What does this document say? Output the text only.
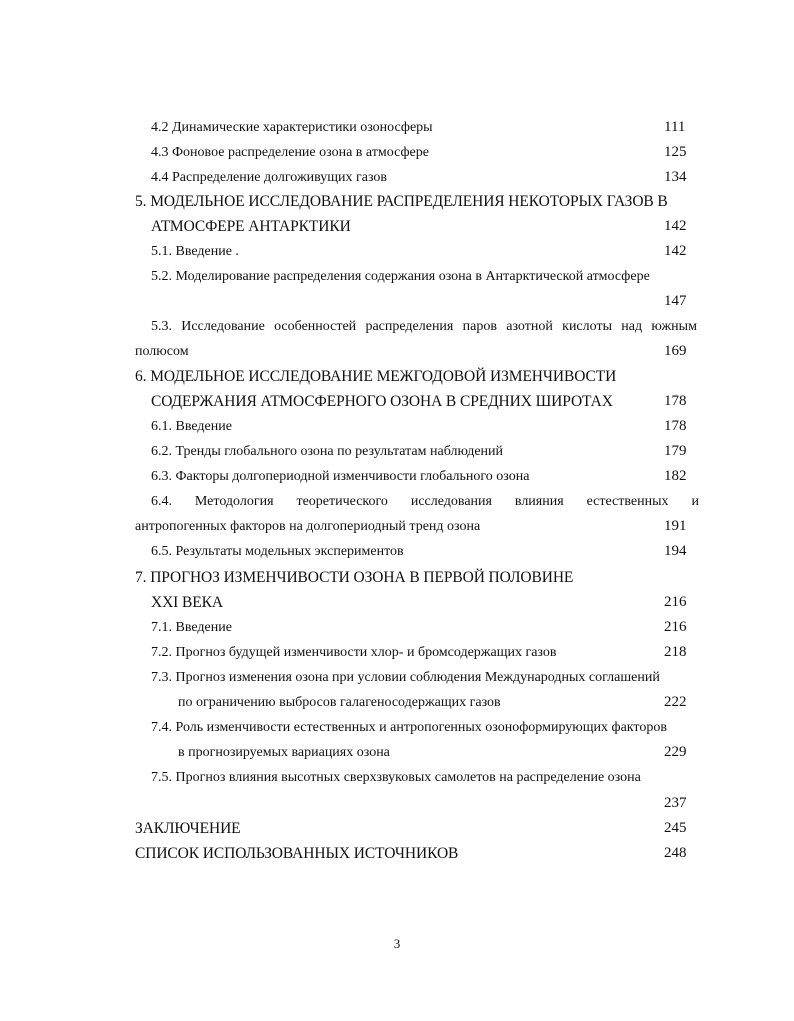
4.2 Динамические характеристики озоносферы	111
4.3 Фоновое распределение озона в атмосфере	125
4.4 Распределение долгоживущих газов	134
5. МОДЕЛЬНОЕ ИССЛЕДОВАНИЕ РАСПРЕДЕЛЕНИЯ НЕКОТОРЫХ ГАЗОВ В
АТМОСФЕРЕ АНТАРКТИКИ	142
5.1. Введение .	142
5.2. Моделирование распределения содержания озона в Антарктической атмосфере
147
5.3. Исследование особенностей распределения паров азотной кислоты над южным
полюсом	169
6. МОДЕЛЬНОЕ ИССЛЕДОВАНИЕ МЕЖГОДОВОЙ ИЗМЕНЧИВОСТИ
СОДЕРЖАНИЯ АТМОСФЕРНОГО ОЗОНА В СРЕДНИХ ШИРОТАХ	178
6.1. Введение	178
6.2. Тренды глобального озона по результатам наблюдений	179
6.3. Факторы долгопериодной изменчивости глобального озона	182
6.4. Методология теоретического исследования влияния естественных и
антропогенных факторов на долгопериодный тренд озона	191
6.5. Результаты модельных экспериментов	194
7. ПРОГНОЗ ИЗМЕНЧИВОСТИ ОЗОНА В ПЕРВОЙ ПОЛОВИНЕ
XXI ВЕКА	216
7.1. Введение	216
7.2. Прогноз будущей изменчивости хлор- и бромсодержащих газов	218
7.3. Прогноз изменения озона при условии соблюдения Международных соглашений
по ограничению выбросов галагеносодержащих газов	222
7.4. Роль изменчивости естественных и антропогенных озоноформирующих факторов
в прогнозируемых вариациях озона	229
7.5. Прогноз влияния высотных сверхзвуковых самолетов на распределение озона
237
ЗАКЛЮЧЕНИЕ	245
СПИСОК ИСПОЛЬЗОВАННЫХ ИСТОЧНИКОВ	248
3
